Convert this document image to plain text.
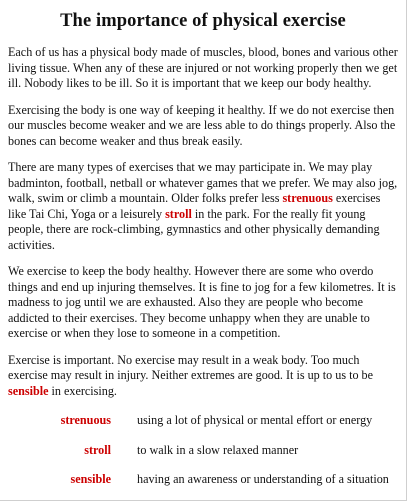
The importance of physical exercise

Each of us has a physical body made of muscles, blood, bones and various other living tissue. When any of these are injured or not working properly then we get ill. Nobody likes to be ill. So it is important that we keep our body healthy.

Exercising the body is one way of keeping it healthy. If we do not exercise then our muscles become weaker and we are less able to do things properly. Also the bones can become weaker and thus break easily.

There are many types of exercises that we may participate in. We may play badminton, football, netball or whatever games that we prefer. We may also jog, walk, swim or climb a mountain. Older folks prefer less strenuous exercises like Tai Chi, Yoga or a leisurely stroll in the park. For the really fit young people, there are rock-climbing, gymnastics and other physically demanding activities.

We exercise to keep the body healthy. However there are some who overdo things and end up injuring themselves. It is fine to jog for a few kilometres. It is madness to jog until we are exhausted. Also they are people who become addicted to their exercises. They become unhappy when they are unable to exercise or when they lose to someone in a competition.

Exercise is important. No exercise may result in a weak body. Too much exercise may result in injury. Neither extremes are good. It is up to us to be sensible in exercising.

strenuous	using a lot of physical or mental effort or energy
stroll	to walk in a slow relaxed manner
sensible	having an awareness or understanding of a situation
